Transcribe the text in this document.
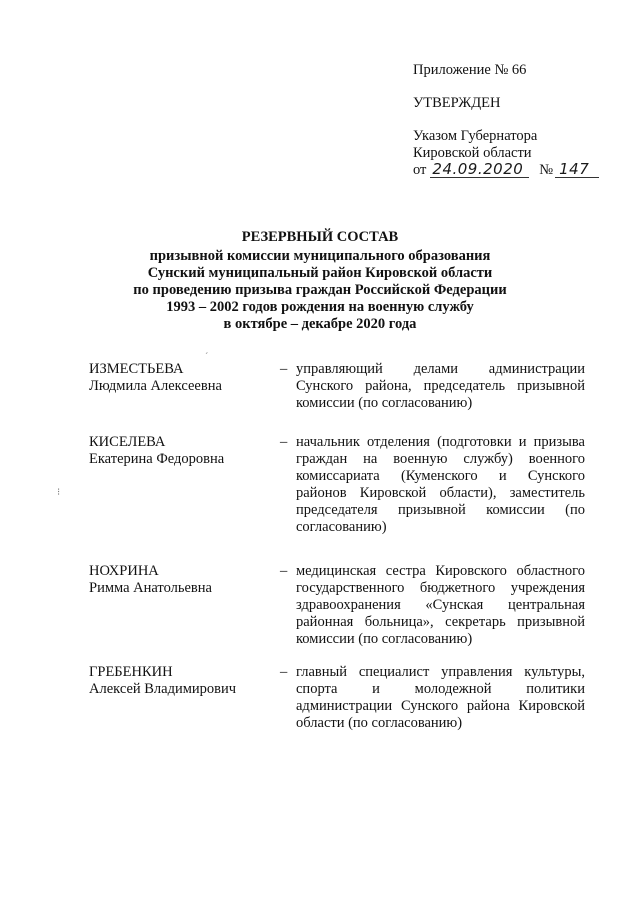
Приложение № 66
УТВЕРЖДЕН
Указом Губернатора
Кировской области
от 24.09.2020	№ 147
РЕЗЕРВНЫЙ СОСТАВ
призывной комиссии муниципального образования
Сунский муниципальный район Кировской области
по проведению призыва граждан Российской Федерации
1993 – 2002 годов рождения на военную службу
в октябре – декабре 2020 года
´
⁝
ИЗМЕСТЬЕВА
Людмила Алексеевна
– управляющий делами администрации Сунского района, председатель призывной комиссии (по согласованию)
КИСЕЛЕВА
Екатерина Федоровна
– начальник отделения (подготовки и призыва граждан на военную службу) военного комиссариата (Куменского и Сунского районов Кировской области), заместитель председателя призывной комиссии (по согласованию)
НОХРИНА
Римма Анатольевна
– медицинская сестра Кировского областного государственного бюджетного учреждения здравоохранения «Сунская центральная районная больница», секретарь призывной комиссии (по согласованию)
ГРЕБЕНКИН
Алексей Владимирович
– главный специалист управления культуры, спорта и молодежной политики администрации Сунского района Кировской области (по согласованию)
